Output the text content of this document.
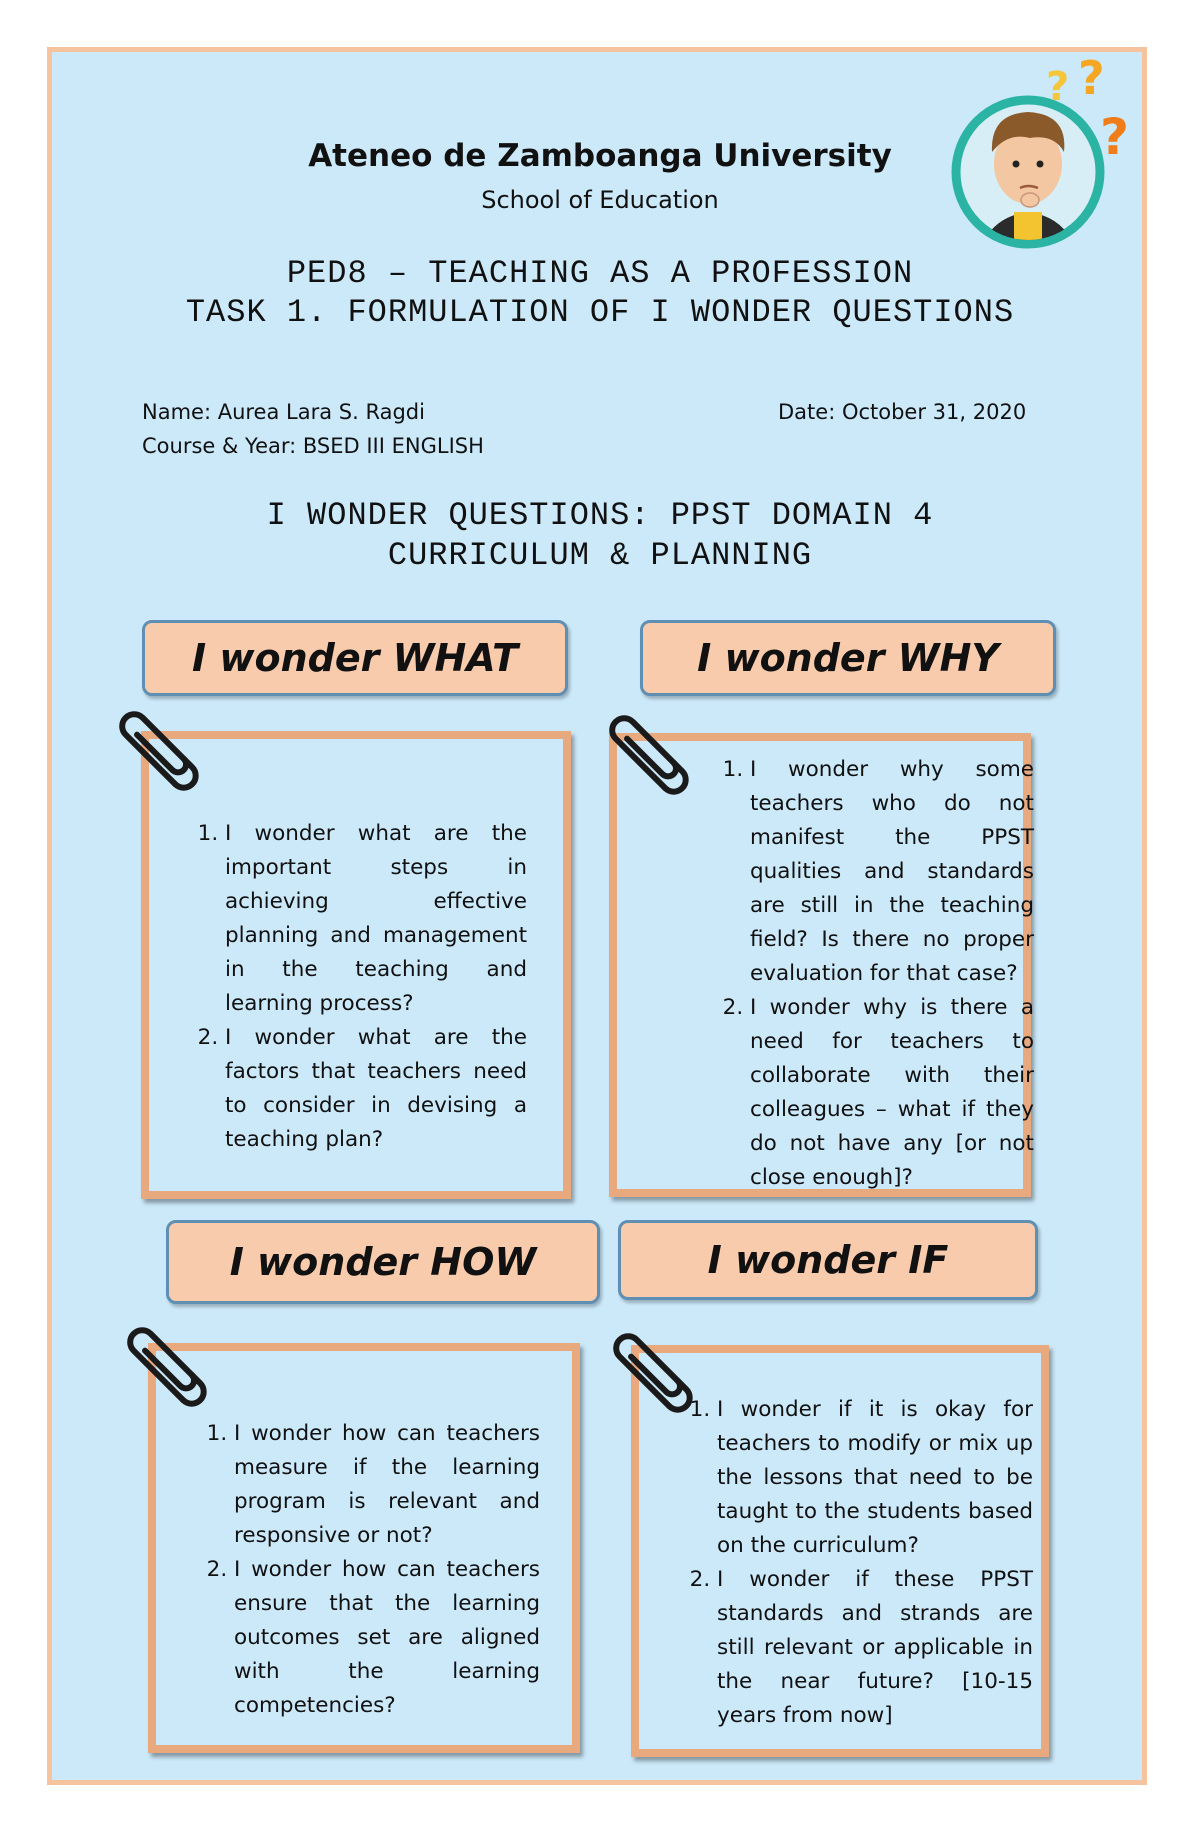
? ?
?
Ateneo de Zamboanga University
School of Education
PED8 – TEACHING AS A PROFESSION
TASK 1. FORMULATION OF I WONDER QUESTIONS
Name: Aurea Lara S. Ragdi	Date: October 31, 2020
Course & Year: BSED III ENGLISH
I WONDER QUESTIONS: PPST DOMAIN 4
CURRICULUM & PLANNING
I wonder WHAT
1. I wonder what are the important steps in achieving effective planning and management in the teaching and learning process?
2. I wonder what are the factors that teachers need to consider in devising a teaching plan?
I wonder WHY
1. I wonder why some teachers who do not manifest the PPST qualities and standards are still in the teaching field? Is there no proper evaluation for that case?
2. I wonder why is there a need for teachers to collaborate with their colleagues – what if they do not have any [or not close enough]?
I wonder HOW
1. I wonder how can teachers measure if the learning program is relevant and responsive or not?
2. I wonder how can teachers ensure that the learning outcomes set are aligned with the learning competencies?
I wonder IF
1. I wonder if it is okay for teachers to modify or mix up the lessons that need to be taught to the students based on the curriculum?
2. I wonder if these PPST standards and strands are still relevant or applicable in the near future? [10-15 years from now]
